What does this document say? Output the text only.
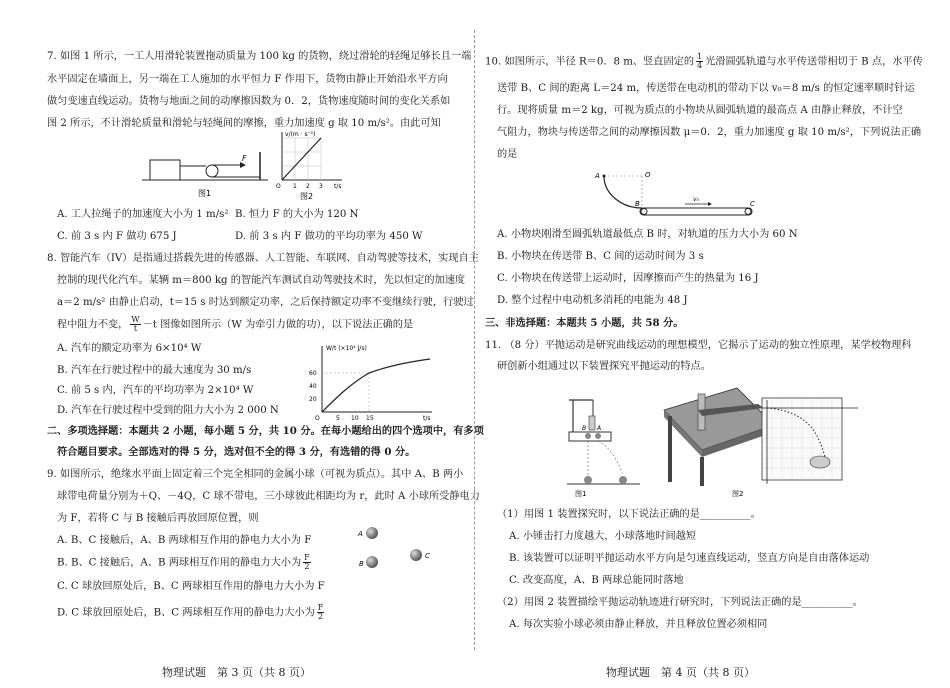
7. 如图 1 所示，一工人用滑轮装置拖动质量为 100 kg 的货物，绕过滑轮的轻绳足够长且一端
水平固定在墙面上，另一端在工人施加的水平恒力 F 作用下，货物由静止开始沿水平方向
做匀变速直线运动。货物与地面之间的动摩擦因数为 0．2，货物速度随时间的变化关系如
图 2 所示，不计滑轮质量和滑轮与轻绳间的摩擦，重力加速度 g 取 10 m/s²。由此可知
F
图1
v/(m · s⁻¹)
t/s
O 1 2 3
图2
A. 工人拉绳子的加速度大小为 1 m/s² B. 恒力 F 的大小为 120 N
C. 前 3 s 内 F 做功 675 J	D. 前 3 s 内 F 做功的平均功率为 450 W
8. 智能汽车（IV）是指通过搭载先进的传感器、人工智能、车联网、自动驾驶等技术，实现自主
控制的现代化汽车。某辆 m＝800 kg 的智能汽车测试自动驾驶技术时，先以恒定的加速度
a＝2 m/s² 由静止启动，t＝15 s 时达到额定功率，之后保持额定功率不变继续行驶，行驶过
程中阻力不变， $\frac{W}{t} -t$ 图像如图所示（W 为牵引力做的功），以下说法正确的是
A. 汽车的额定功率为 6×10⁴ W
B. 汽车在行驶过程中的最大速度为 30 m/s
C. 前 5 s 内，汽车的平均功率为 2×10⁴ W
D. 汽车在行驶过程中受到的阻力大小为 2 000 N
W/t (×10⁴ J/s)
t/s
O
60
40
20
5 10 15
二、多项选择题：本题共 2 小题，每小题 5 分，共 10 分。在每小题给出的四个选项中，有多项
符合题目要求。全部选对的得 5 分，选对但不全的得 3 分，有选错的得 0 分。
9. 如图所示，绝缘水平面上固定着三个完全相同的金属小球（可视为质点）。其中 A、B 两小
球带电荷量分别为＋Q、－4Q，C 球不带电，三小球彼此相距均为 r，此时 A 小球所受静电力
为 F，若将 C 与 B 接触后再放回原位置，则
A. B、C 接触后，A、B 两球相互作用的静电力大小为 F
B. B、C 接触后，A、B 两球相互作用的静电力大小为 $\frac{F}{2}$
C. C 球放回原处后，B、C 两球相互作用的静电力大小为 F
D. C 球放回原处后，B、C 两球相互作用的静电力大小为 $\frac{F}{2}$
A
B
C
物理试题　第 3 页（共 8 页）
10. 如图所示，半径 R＝0．8 m、竖直固定的 $\frac{1}{4}$ 光滑圆弧轨道与水平传送带相切于 B 点，水平传
送带 B、C 间的距离 L＝24 m，传送带在电动机的带动下以 v₀＝8 m/s 的恒定速率顺时针运
行。现将质量 m＝2 kg，可视为质点的小物块从圆弧轨道的最高点 A 由静止释放，不计空
气阻力，物块与传送带之间的动摩擦因数 μ＝0．2，重力加速度 g 取 10 m/s²，下列说法正确
的是
A	O
B	C
v₀
A. 小物块刚滑至圆弧轨道最低点 B 时，对轨道的压力大小为 60 N
B. 小物块在传送带 B、C 间的运动时间为 3 s
C. 小物块在传送带上运动时，因摩擦而产生的热量为 16 J
D. 整个过程中电动机多消耗的电能为 48 J
三、非选择题：本题共 5 小题，共 58 分。
11. （8 分）平抛运动是研究曲线运动的理想模型，它揭示了运动的独立性原理，某学校物理科
研创新小组通过以下装置探究平抛运动的特点。
B A
图1	图2
（1）用图 1 装置探究时，以下说法正确的是__________。
A. 小锤击打力度越大，小球落地时间越短
B. 该装置可以证明平抛运动水平方向是匀速直线运动，竖直方向是自由落体运动
C. 改变高度，A、B 两球总能同时落地
（2）用图 2 装置描绘平抛运动轨迹进行研究时，下列说法正确的是__________。
A. 每次实验小球必须由静止释放，并且释放位置必须相同
物理试题　第 4 页（共 8 页）
